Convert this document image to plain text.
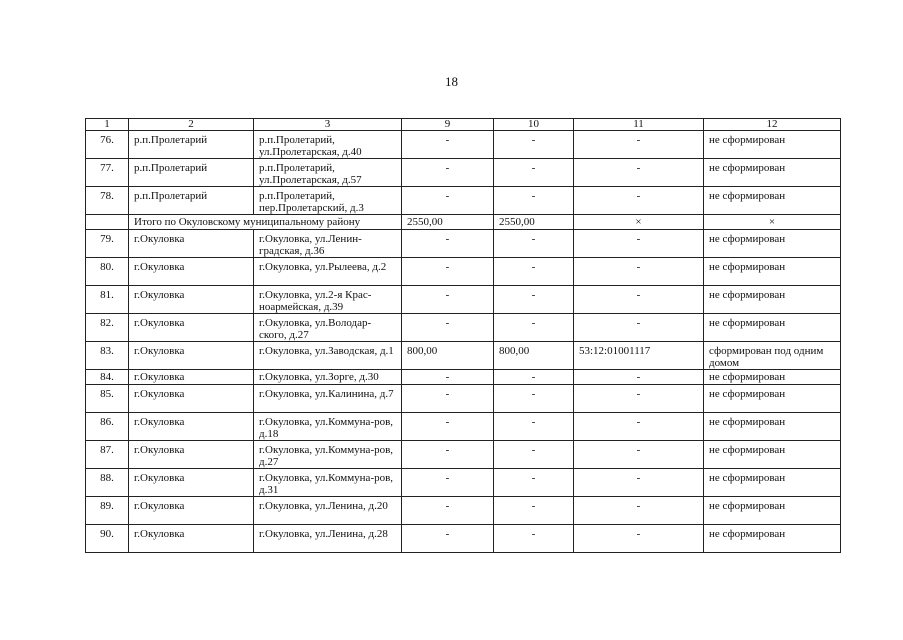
18
1	2	3	9	10	11	12
76.	р.п.Пролетарий	р.п.Пролетарий, ул.Пролетарская, д.40	-	-	-	не сформирован
77.	р.п.Пролетарий	р.п.Пролетарий, ул.Пролетарская, д.57	-	-	-	не сформирован
78.	р.п.Пролетарий	р.п.Пролетарий, пер.Пролетарский, д.3	-	-	-	не сформирован
	Итого по Окуловскому муниципальному району		2550,00	2550,00	×	×
79.	г.Окуловка	г.Окуловка, ул.Ленин-градская, д.36	-	-	-	не сформирован
80.	г.Окуловка	г.Окуловка, ул.Рылеева, д.2	-	-	-	не сформирован
81.	г.Окуловка	г.Окуловка, ул.2-я Крас-ноармейская, д.39	-	-	-	не сформирован
82.	г.Окуловка	г.Окуловка, ул.Володар-ского, д.27	-	-	-	не сформирован
83.	г.Окуловка	г.Окуловка, ул.Заводская, д.1	800,00	800,00	53:12:01001117	сформирован под одним домом
84.	г.Окуловка	г.Окуловка, ул.Зорге, д.30	-	-	-	не сформирован
85.	г.Окуловка	г.Окуловка, ул.Калинина, д.7	-	-	-	не сформирован
86.	г.Окуловка	г.Окуловка, ул.Коммуна-ров, д.18	-	-	-	не сформирован
87.	г.Окуловка	г.Окуловка, ул.Коммуна-ров, д.27	-	-	-	не сформирован
88.	г.Окуловка	г.Окуловка, ул.Коммуна-ров, д.31	-	-	-	не сформирован
89.	г.Окуловка	г.Окуловка, ул.Ленина, д.20	-	-	-	не сформирован
90.	г.Окуловка	г.Окуловка, ул.Ленина, д.28	-	-	-	не сформирован
